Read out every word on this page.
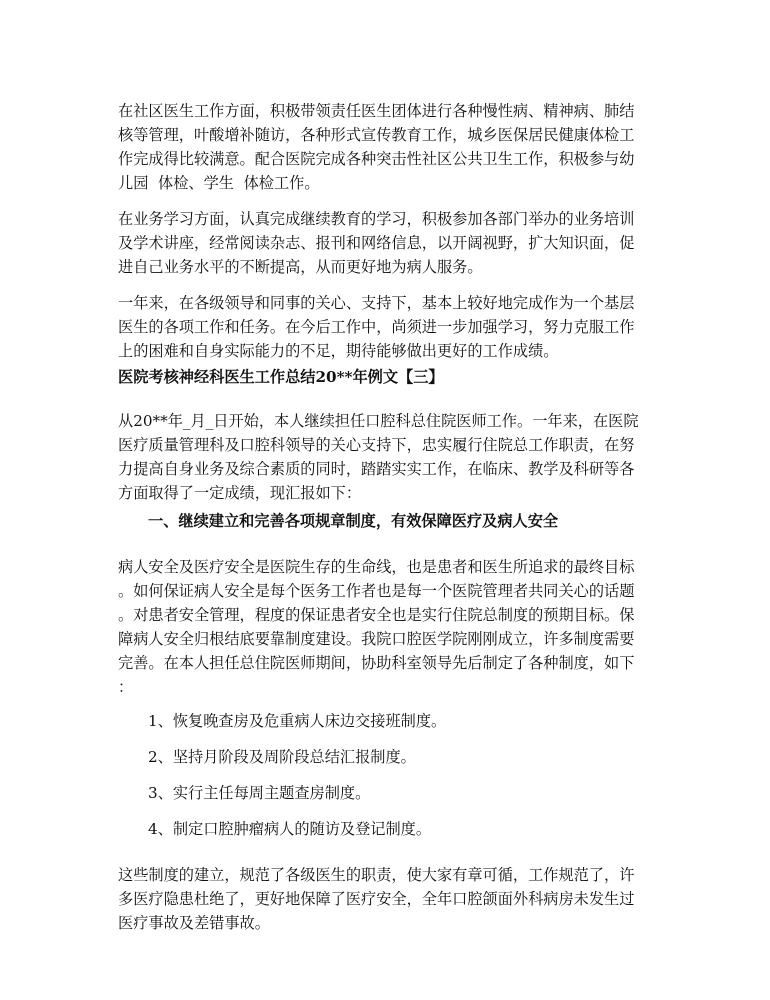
在社区医生工作方面，积极带领责任医生团体进行各种慢性病、精神病、肺结
核等管理，叶酸增补随访，各种形式宣传教育工作，城乡医保居民健康体检工
作完成得比较满意。配合医院完成各种突击性社区公共卫生工作，积极参与幼
儿园  体检、学生  体检工作。
在业务学习方面，认真完成继续教育的学习，积极参加各部门举办的业务培训
及学术讲座，经常阅读杂志、报刊和网络信息，以开阔视野，扩大知识面，促
进自己业务水平的不断提高，从而更好地为病人服务。
一年来，在各级领导和同事的关心、支持下，基本上较好地完成作为一个基层
医生的各项工作和任务。在今后工作中，尚须进一步加强学习，努力克服工作
上的困难和自身实际能力的不足，期待能够做出更好的工作成绩。
医院考核神经科医生工作总结20**年例文【三】
从20**年_月_日开始，本人继续担任口腔科总住院医师工作。一年来，在医院
医疗质量管理科及口腔科领导的关心支持下，忠实履行住院总工作职责，在努
力提高自身业务及综合素质的同时，踏踏实实工作，在临床、教学及科研等各
方面取得了一定成绩，现汇报如下：
一、继续建立和完善各项规章制度，有效保障医疗及病人安全
病人安全及医疗安全是医院生存的生命线，也是患者和医生所追求的最终目标
。如何保证病人安全是每个医务工作者也是每一个医院管理者共同关心的话题
。对患者安全管理，程度的保证患者安全也是实行住院总制度的预期目标。保
障病人安全归根结底要靠制度建设。我院口腔医学院刚刚成立，许多制度需要
完善。在本人担任总住院医师期间，协助科室领导先后制定了各种制度，如下
：
1、恢复晚查房及危重病人床边交接班制度。
2、坚持月阶段及周阶段总结汇报制度。
3、实行主任每周主题查房制度。
4、制定口腔肿瘤病人的随访及登记制度。
这些制度的建立，规范了各级医生的职责，使大家有章可循，工作规范了，许
多医疗隐患杜绝了，更好地保障了医疗安全，全年口腔颌面外科病房未发生过
医疗事故及差错事故。
